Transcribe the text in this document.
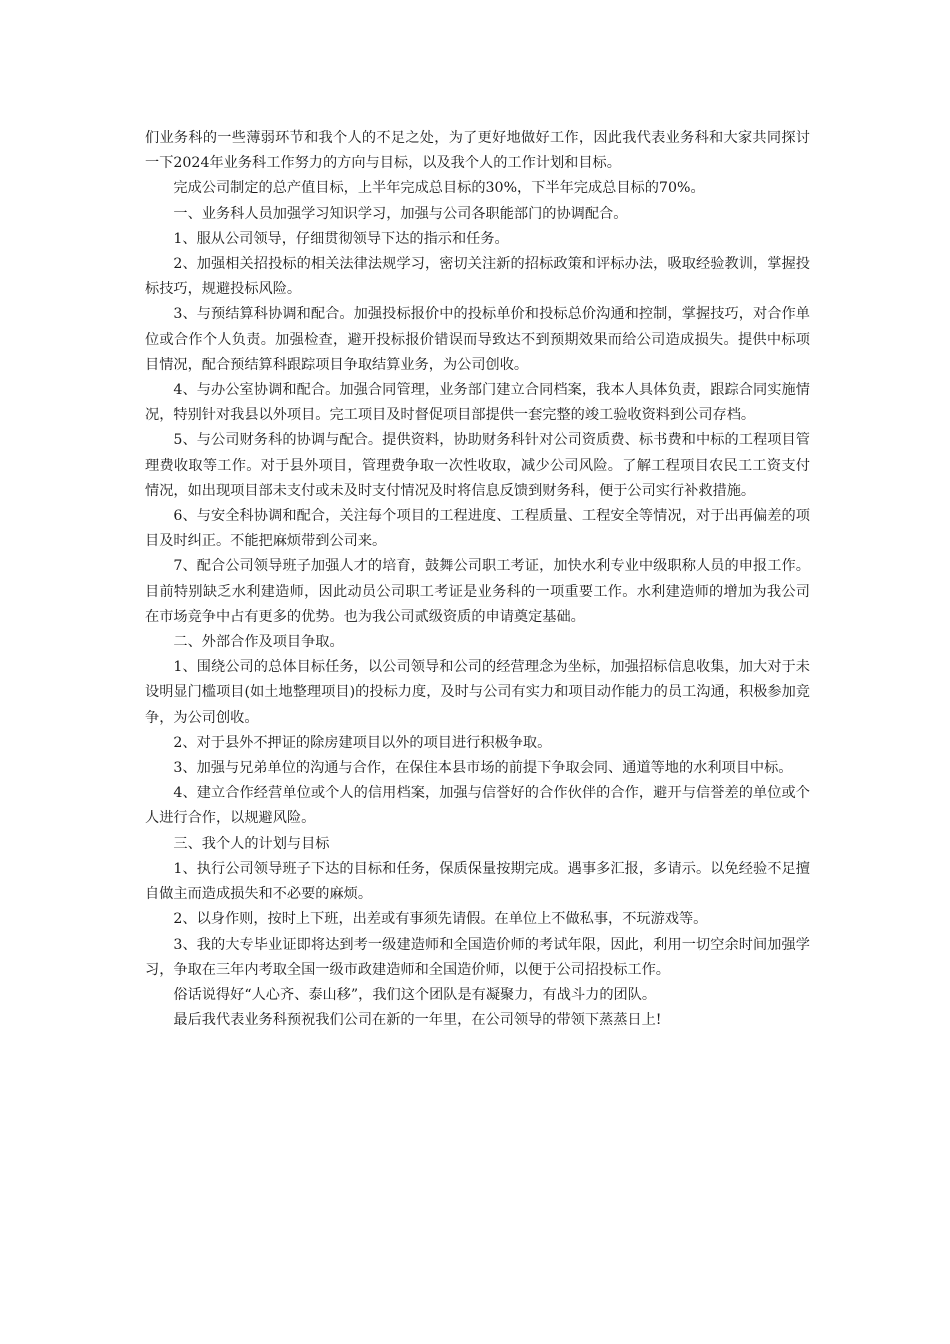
们业务科的一些薄弱环节和我个人的不足之处，为了更好地做好工作，因此我代表业务科和大家共同探讨一下2024年业务科工作努力的方向与目标，以及我个人的工作计划和目标。

完成公司制定的总产值目标，上半年完成总目标的30%，下半年完成总目标的70%。

一、业务科人员加强学习知识学习，加强与公司各职能部门的协调配合。

1、服从公司领导，仔细贯彻领导下达的指示和任务。

2、加强相关招投标的相关法律法规学习，密切关注新的招标政策和评标办法，吸取经验教训，掌握投标技巧，规避投标风险。

3、与预结算科协调和配合。加强投标报价中的投标单价和投标总价沟通和控制，掌握技巧，对合作单位或合作个人负责。加强检查，避开投标报价错误而导致达不到预期效果而给公司造成损失。提供中标项目情况，配合预结算科跟踪项目争取结算业务，为公司创收。

4、与办公室协调和配合。加强合同管理，业务部门建立合同档案，我本人具体负责，跟踪合同实施情况，特别针对我县以外项目。完工项目及时督促项目部提供一套完整的竣工验收资料到公司存档。

5、与公司财务科的协调与配合。提供资料，协助财务科针对公司资质费、标书费和中标的工程项目管理费收取等工作。对于县外项目，管理费争取一次性收取，减少公司风险。了解工程项目农民工工资支付情况，如出现项目部未支付或未及时支付情况及时将信息反馈到财务科，便于公司实行补救措施。

6、与安全科协调和配合，关注每个项目的工程进度、工程质量、工程安全等情况，对于出再偏差的项目及时纠正。不能把麻烦带到公司来。

7、配合公司领导班子加强人才的培育，鼓舞公司职工考证，加快水利专业中级职称人员的申报工作。目前特别缺乏水利建造师，因此动员公司职工考证是业务科的一项重要工作。水利建造师的增加为我公司在市场竞争中占有更多的优势。也为我公司贰级资质的申请奠定基础。

二、外部合作及项目争取。

1、围绕公司的总体目标任务，以公司领导和公司的经营理念为坐标，加强招标信息收集，加大对于未设明显门槛项目(如土地整理项目)的投标力度，及时与公司有实力和项目动作能力的员工沟通，积极参加竞争，为公司创收。

2、对于县外不押证的除房建项目以外的项目进行积极争取。

3、加强与兄弟单位的沟通与合作，在保住本县市场的前提下争取会同、通道等地的水利项目中标。

4、建立合作经营单位或个人的信用档案，加强与信誉好的合作伙伴的合作，避开与信誉差的单位或个人进行合作，以规避风险。

三、我个人的计划与目标

1、执行公司领导班子下达的目标和任务，保质保量按期完成。遇事多汇报，多请示。以免经验不足擅自做主而造成损失和不必要的麻烦。

2、以身作则，按时上下班，出差或有事须先请假。在单位上不做私事，不玩游戏等。

3、我的大专毕业证即将达到考一级建造师和全国造价师的考试年限，因此，利用一切空余时间加强学习，争取在三年内考取全国一级市政建造师和全国造价师，以便于公司招投标工作。

俗话说得好“人心齐、泰山移”，我们这个团队是有凝聚力，有战斗力的团队。

最后我代表业务科预祝我们公司在新的一年里，在公司领导的带领下蒸蒸日上!
